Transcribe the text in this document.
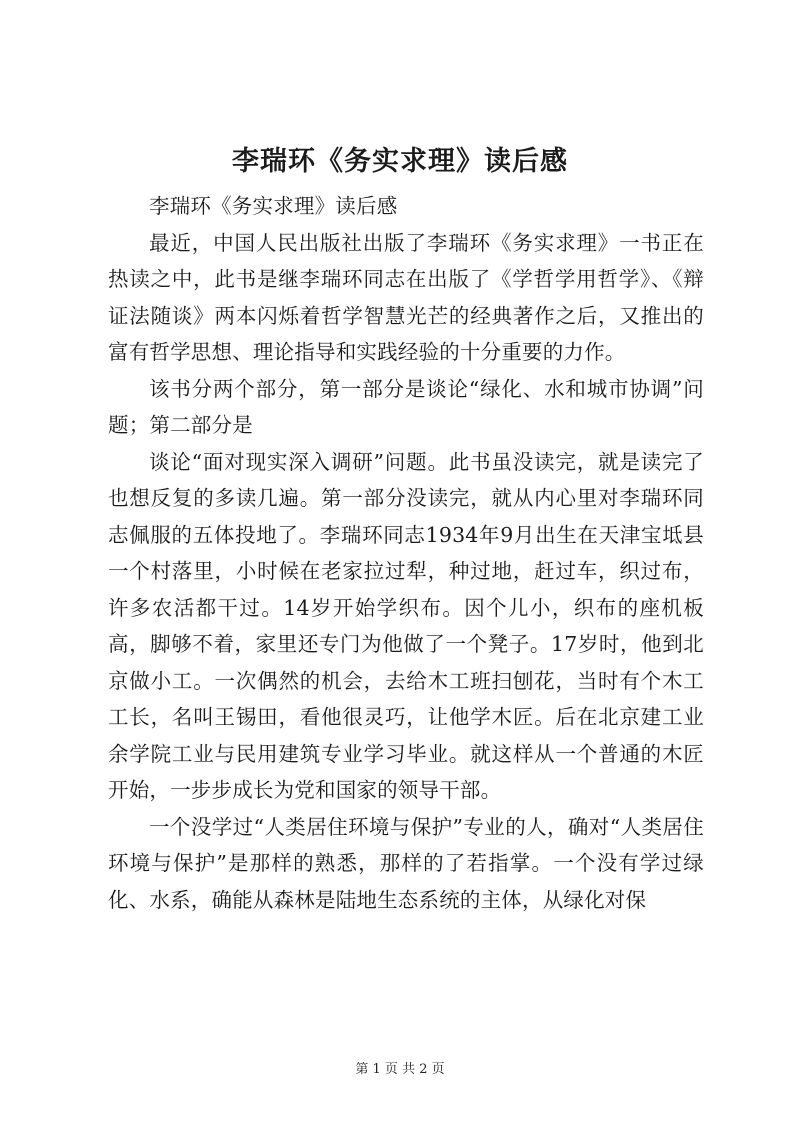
李瑞环《务实求理》读后感

李瑞环《务实求理》读后感

最近，中国人民出版社出版了李瑞环《务实求理》一书正在热读之中，此书是继李瑞环同志在出版了《学哲学用哲学》、《辩证法随谈》两本闪烁着哲学智慧光芒的经典著作之后，又推出的富有哲学思想、理论指导和实践经验的十分重要的力作。

该书分两个部分，第一部分是谈论“绿化、水和城市协调”问题；第二部分是

谈论“面对现实深入调研”问题。此书虽没读完，就是读完了也想反复的多读几遍。第一部分没读完，就从内心里对李瑞环同志佩服的五体投地了。李瑞环同志1934年9月出生在天津宝坻县一个村落里，小时候在老家拉过犁，种过地，赶过车，织过布，许多农活都干过。14岁开始学织布。因个儿小，织布的座机板高，脚够不着，家里还专门为他做了一个凳子。17岁时，他到北京做小工。一次偶然的机会，去给木工班扫刨花，当时有个木工工长，名叫王锡田，看他很灵巧，让他学木匠。后在北京建工业余学院工业与民用建筑专业学习毕业。就这样从一个普通的木匠开始，一步步成长为党和国家的领导干部。

一个没学过“人类居住环境与保护”专业的人，确对“人类居住环境与保护”是那样的熟悉，那样的了若指掌。一个没有学过绿化、水系，确能从森林是陆地生态系统的主体，从绿化对保

第 1 页 共 2 页
